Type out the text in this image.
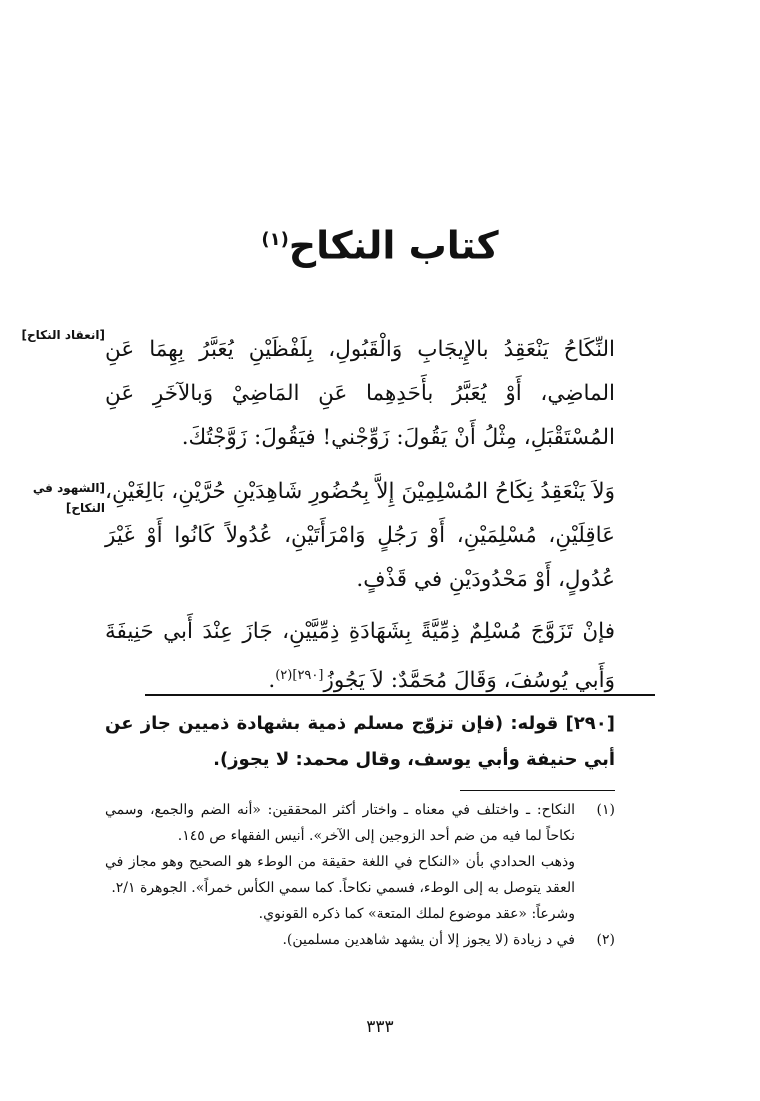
كتاب النكاح$^{(١)}$
[انعقاد النكاح]
[الشهود في النكاح]
النِّكَاحُ يَنْعَقِدُ بالإِيجَابِ وَالْقَبُولِ، بِلَفْظَيْنِ يُعَبَّرُ بِهِمَا عَنِ الماضِي، أَوْ يُعَبَّرُ بأَحَدِهِما عَنِ المَاضِيْ وَبالآخَرِ عَنِ المُسْتَقْبَلِ، مِثْلُ أَنْ يَقُولَ: زَوِّجْني! فيَقُولَ: زَوَّجْتُكَ.
وَلاَ يَنْعَقِدُ نِكَاحُ المُسْلِمِيْنَ إِلاَّ بِحُضُورِ شَاهِدَيْنِ حُرَّيْنِ، بَالِغَيْنِ، عَاقِلَيْنِ، مُسْلِمَيْنِ، أَوْ رَجُلٍ وَامْرَأَتَيْنِ، عُدُولاً كَانُوا أَوْ غَيْرَ عُدُولٍ، أَوْ مَحْدُودَيْنِ في قَذْفٍ.
فإنْ تَزَوَّجَ مُسْلِمٌ ذِمِّيَّةً بِشَهَادَةِ ذِمِّيَّيْنِ، جَازَ عِنْدَ أَبي حَنِيفَةَ وَأَبي يُوسُفَ، وَقَالَ مُحَمَّدٌ: لاَ يَجُوزُ$^{[٢٩٠](٢)}$.
[٢٩٠] قوله: (فإن تزوّج مسلم ذمية بشهادة ذميين جاز عن أبي حنيفة وأبي يوسف، وقال محمد: لا يجوز).
(١)
النكاح: ـ واختلف في معناه ـ واختار أكثر المحققين: «أنه الضم والجمع، وسمي نكاحاً لما فيه من ضم أحد الزوجين إلى الآخر». أنيس الفقهاء ص ١٤٥.
وذهب الحدادي بأن «النكاح في اللغة حقيقة من الوطء هو الصحيح وهو مجاز في العقد يتوصل به إلى الوطء، فسمي نكاحاً. كما سمي الكأس خمراً». الجوهرة ٢/١.
وشرعاً: «عقد موضوع لملك المتعة» كما ذكره القونوي.
(٢)
في د زيادة (لا يجوز إلا أن يشهد شاهدين مسلمين).
٣٣٣
